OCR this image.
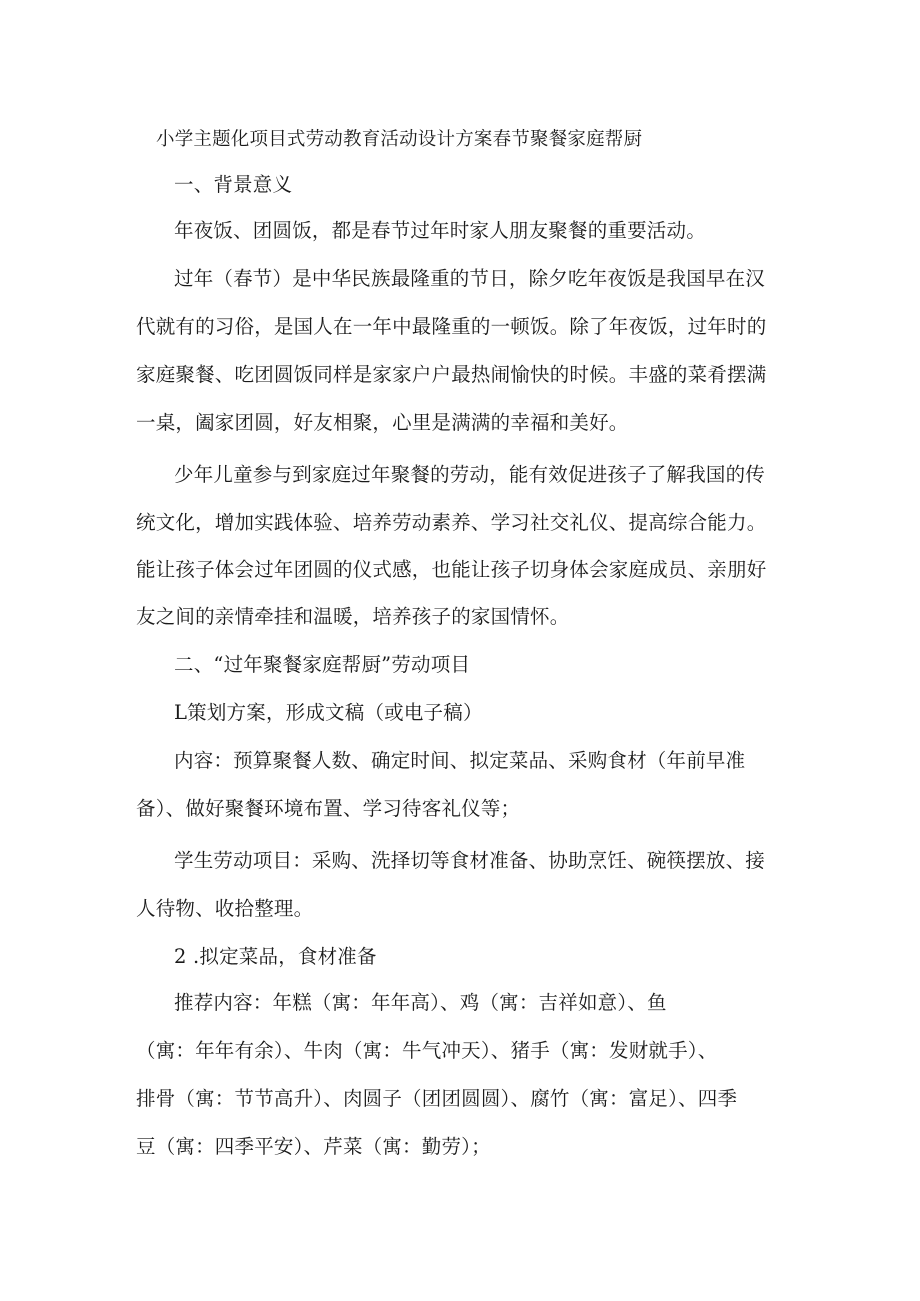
小学主题化项目式劳动教育活动设计方案春节聚餐家庭帮厨
一、背景意义
年夜饭、团圆饭，都是春节过年时家人朋友聚餐的重要活动。
过年（春节）是中华民族最隆重的节日，除夕吃年夜饭是我国早在汉
代就有的习俗，是国人在一年中最隆重的一顿饭。除了年夜饭，过年时的
家庭聚餐、吃团圆饭同样是家家户户最热闹愉快的时候。丰盛的菜肴摆满
一桌，阖家团圆，好友相聚，心里是满满的幸福和美好。
少年儿童参与到家庭过年聚餐的劳动，能有效促进孩子了解我国的传
统文化，增加实践体验、培养劳动素养、学习社交礼仪、提高综合能力。
能让孩子体会过年团圆的仪式感，也能让孩子切身体会家庭成员、亲朋好
友之间的亲情牵挂和温暖，培养孩子的家国情怀。
二、“过年聚餐家庭帮厨”劳动项目
L策划方案，形成文稿（或电子稿）
内容：预算聚餐人数、确定时间、拟定菜品、采购食材（年前早准
备）、做好聚餐环境布置、学习待客礼仪等；
学生劳动项目：采购、洗择切等食材准备、协助烹饪、碗筷摆放、接
人待物、收拾整理。
2 .拟定菜品，食材准备
推荐内容：年糕（寓：年年高）、鸡（寓：吉祥如意）、鱼
（寓：年年有余）、牛肉（寓：牛气冲天）、猪手（寓：发财就手）、
排骨（寓：节节高升）、肉圆子（团团圆圆）、腐竹（寓：富足）、四季
豆（寓：四季平安）、芹菜（寓：勤劳）；
